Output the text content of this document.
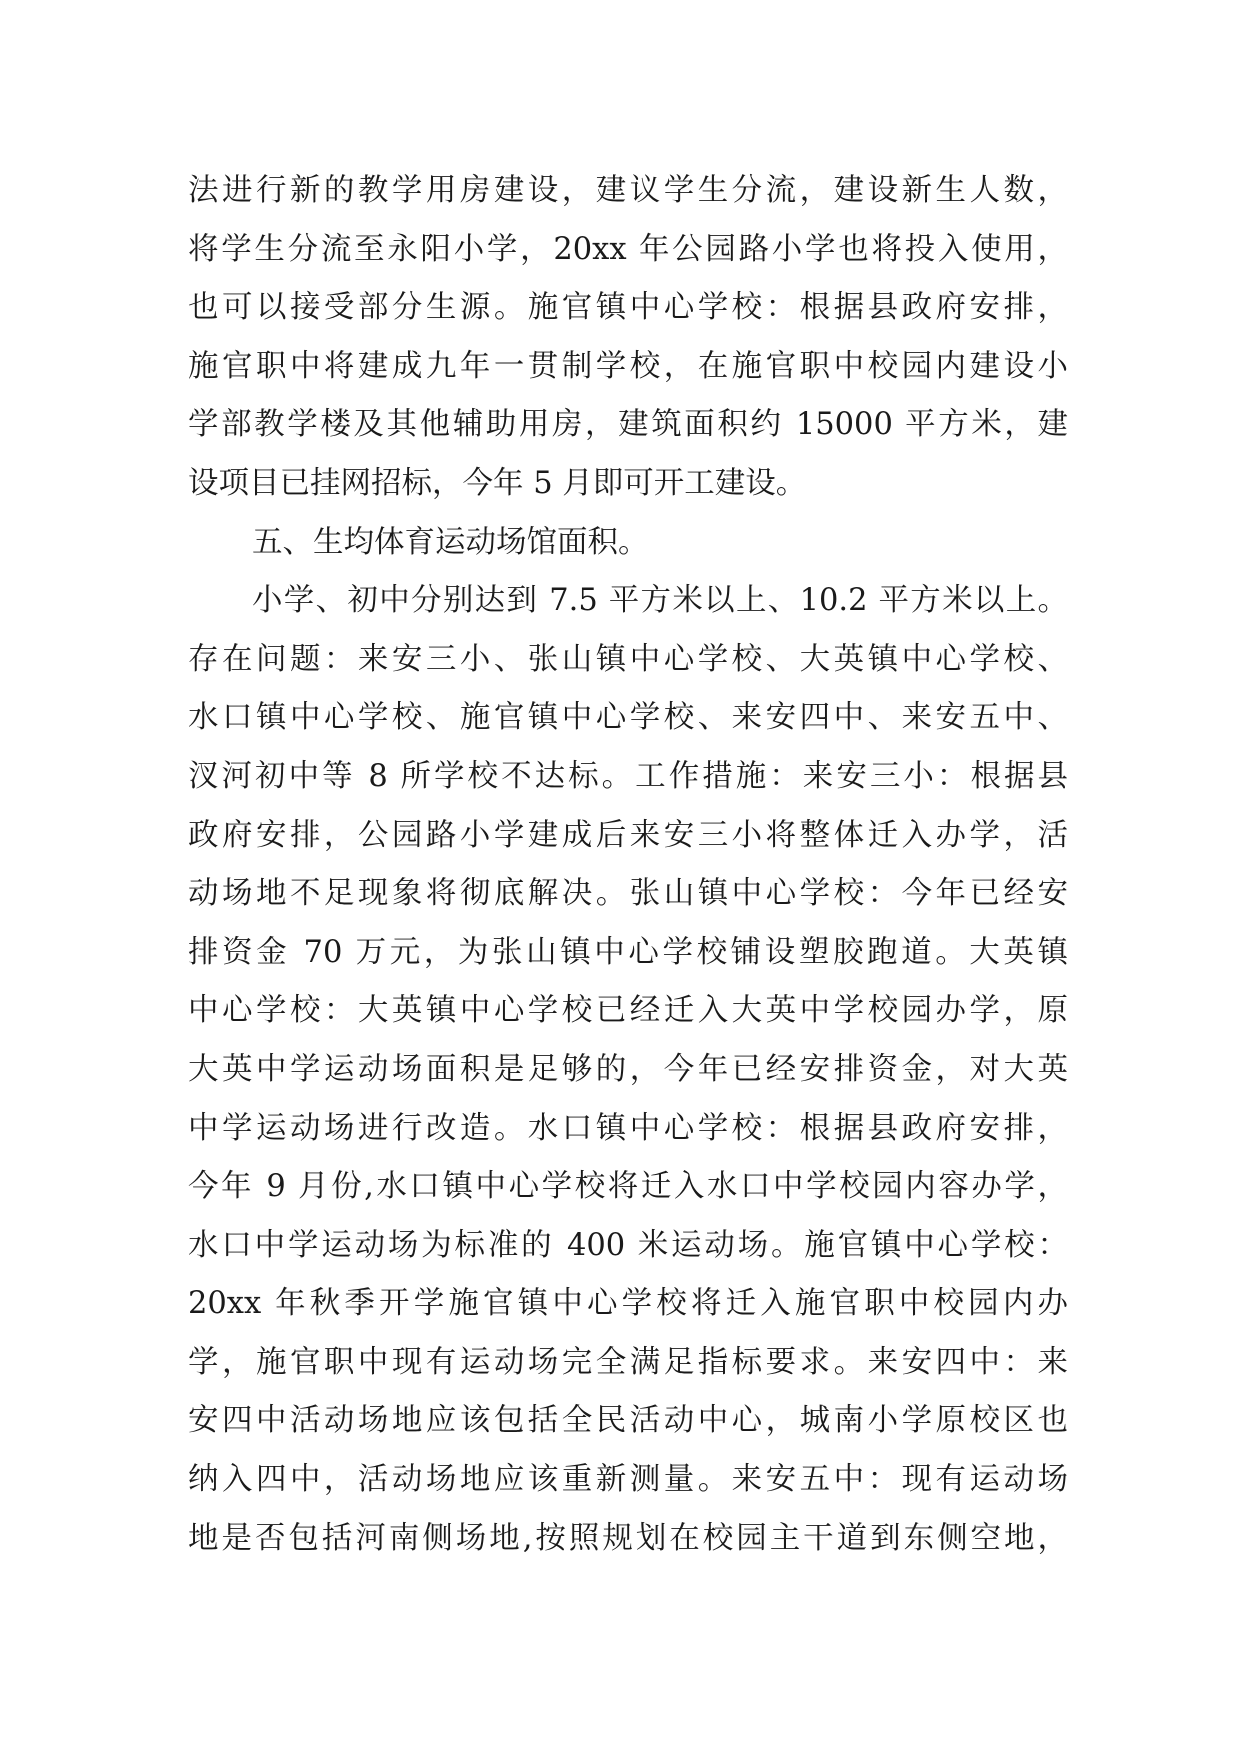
法进行新的教学用房建设，建议学生分流，建设新生人数，
将学生分流至永阳小学，20xx 年公园路小学也将投入使用，
也可以接受部分生源。施官镇中心学校：根据县政府安排，
施官职中将建成九年一贯制学校，在施官职中校园内建设小
学部教学楼及其他辅助用房，建筑面积约 15000 平方米，建
设项目已挂网招标，今年 5 月即可开工建设。
五、生均体育运动场馆面积。
小学、初中分别达到 7.5 平方米以上、10.2 平方米以上。
存在问题：来安三小、张山镇中心学校、大英镇中心学校、
水口镇中心学校、施官镇中心学校、来安四中、来安五中、
汊河初中等 8 所学校不达标。工作措施：来安三小：根据县
政府安排，公园路小学建成后来安三小将整体迁入办学，活
动场地不足现象将彻底解决。张山镇中心学校：今年已经安
排资金 70 万元，为张山镇中心学校铺设塑胶跑道。大英镇
中心学校：大英镇中心学校已经迁入大英中学校园办学，原
大英中学运动场面积是足够的，今年已经安排资金，对大英
中学运动场进行改造。水口镇中心学校：根据县政府安排，
今年 9 月份,水口镇中心学校将迁入水口中学校园内容办学，
水口中学运动场为标准的 400 米运动场。施官镇中心学校：
20xx 年秋季开学施官镇中心学校将迁入施官职中校园内办
学，施官职中现有运动场完全满足指标要求。来安四中：来
安四中活动场地应该包括全民活动中心，城南小学原校区也
纳入四中，活动场地应该重新测量。来安五中：现有运动场
地是否包括河南侧场地,按照规划在校园主干道到东侧空地，
